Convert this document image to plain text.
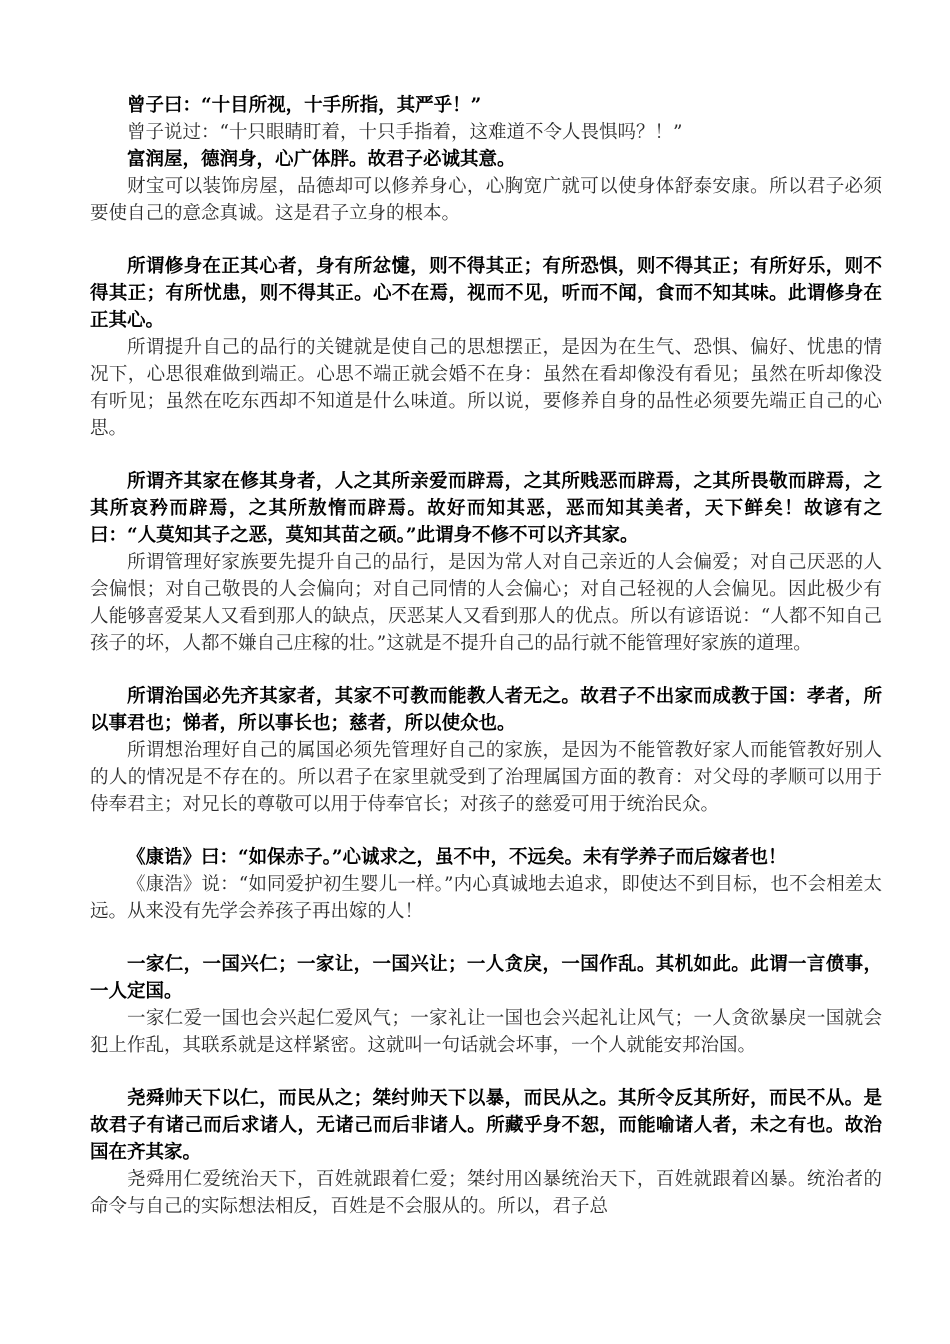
曾子曰：“十目所视，十手所指，其严乎！”

曾子说过：“十只眼睛盯着，十只手指着，这难道不令人畏惧吗？！”

富润屋，德润身，心广体胖。故君子必诚其意。

财宝可以装饰房屋，品德却可以修养身心，心胸宽广就可以使身体舒泰安康。所以君子必须要使自己的意念真诚。这是君子立身的根本。

所谓修身在正其心者，身有所忿懥，则不得其正；有所恐惧，则不得其正；有所好乐，则不得其正；有所忧患，则不得其正。心不在焉，视而不见，听而不闻，食而不知其味。此谓修身在正其心。

所谓提升自己的品行的关键就是使自己的思想摆正，是因为在生气、恐惧、偏好、忧患的情况下，心思很难做到端正。心思不端正就会婚不在身：虽然在看却像没有看见；虽然在听却像没有听见；虽然在吃东西却不知道是什么味道。所以说，要修养自身的品性必须要先端正自己的心思。

所谓齐其家在修其身者，人之其所亲爱而辟焉，之其所贱恶而辟焉，之其所畏敬而辟焉，之其所哀矜而辟焉，之其所敖惰而辟焉。故好而知其恶，恶而知其美者，天下鲜矣！故谚有之曰：“人莫知其子之恶，莫知其苗之硕。”此谓身不修不可以齐其家。

所谓管理好家族要先提升自己的品行，是因为常人对自己亲近的人会偏爱；对自己厌恶的人会偏恨；对自己敬畏的人会偏向；对自己同情的人会偏心；对自己轻视的人会偏见。因此极少有人能够喜爱某人又看到那人的缺点，厌恶某人又看到那人的优点。所以有谚语说：“人都不知自己孩子的坏，人都不嫌自己庄稼的壮。”这就是不提升自己的品行就不能管理好家族的道理。

所谓治国必先齐其家者，其家不可教而能教人者无之。故君子不出家而成教于国：孝者，所以事君也；悌者，所以事长也；慈者，所以使众也。

所谓想治理好自己的属国必须先管理好自己的家族，是因为不能管教好家人而能管教好别人的人的情况是不存在的。所以君子在家里就受到了治理属国方面的教育：对父母的孝顺可以用于侍奉君主；对兄长的尊敬可以用于侍奉官长；对孩子的慈爱可用于统治民众。

《康诰》曰：“如保赤子。”心诚求之，虽不中，不远矣。未有学养子而后嫁者也！

《康浩》说：“如同爱护初生婴儿一样。”内心真诚地去追求，即使达不到目标，也不会相差太远。从来没有先学会养孩子再出嫁的人！

一家仁，一国兴仁；一家让，一国兴让；一人贪戾，一国作乱。其机如此。此谓一言偾事，一人定国。

一家仁爱一国也会兴起仁爱风气；一家礼让一国也会兴起礼让风气；一人贪欲暴戾一国就会犯上作乱，其联系就是这样紧密。这就叫一句话就会坏事，一个人就能安邦治国。

尧舜帅天下以仁，而民从之；桀纣帅天下以暴，而民从之。其所令反其所好，而民不从。是故君子有诸己而后求诸人，无诸己而后非诸人。所藏乎身不恕，而能喻诸人者，未之有也。故治国在齐其家。

尧舜用仁爱统治天下，百姓就跟着仁爱；桀纣用凶暴统治天下，百姓就跟着凶暴。统治者的命令与自己的实际想法相反，百姓是不会服从的。所以，君子总
